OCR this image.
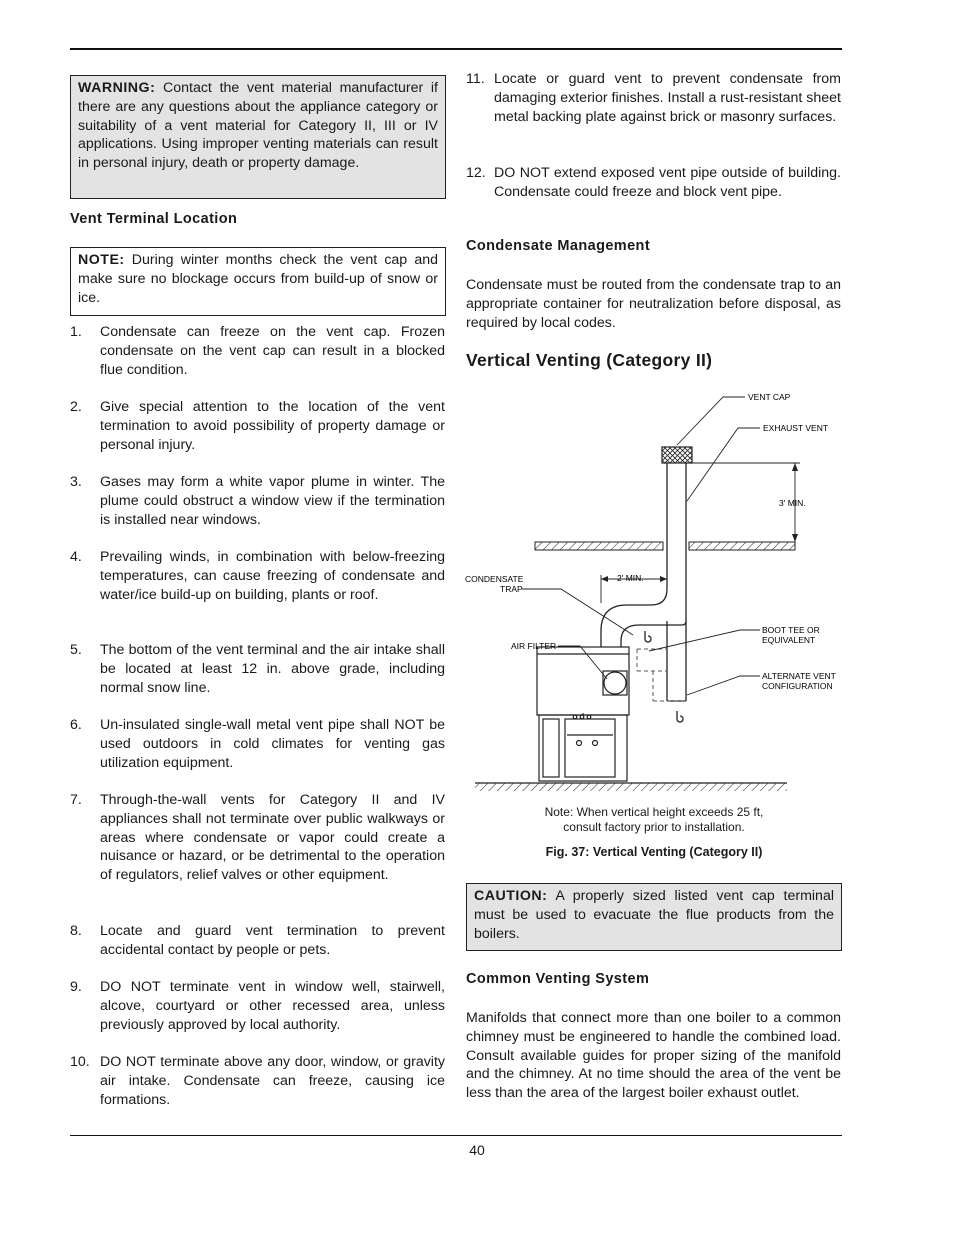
WARNING: Contact the vent material manufacturer if there are any questions about the appliance category or suitability of a vent material for Category II, III or IV applications. Using improper venting materials can result in personal injury, death or property damage.
Vent Terminal Location
NOTE: During winter months check the vent cap and make sure no blockage occurs from build-up of snow or ice.
1. Condensate can freeze on the vent cap. Frozen condensate on the vent cap can result in a blocked flue condition.
2. Give special attention to the location of the vent termination to avoid possibility of property damage or personal injury.
3. Gases may form a white vapor plume in winter. The plume could obstruct a window view if the termination is installed near windows.
4. Prevailing winds, in combination with below-freezing temperatures, can cause freezing of condensate and water/ice build-up on building, plants or roof.
5. The bottom of the vent terminal and the air intake shall be located at least 12 in. above grade, including normal snow line.
6. Un-insulated single-wall metal vent pipe shall NOT be used outdoors in cold climates for venting gas utilization equipment.
7. Through-the-wall vents for Category II and IV appliances shall not terminate over public walkways or areas where condensate or vapor could create a nuisance or hazard, or be detrimental to the operation of regulators, relief valves or other equipment.
8. Locate and guard vent termination to prevent accidental contact by people or pets.
9. DO NOT terminate vent in window well, stairwell, alcove, courtyard or other recessed area, unless previously approved by local authority.
10. DO NOT terminate above any door, window, or gravity air intake. Condensate can freeze, causing ice formations.
11. Locate or guard vent to prevent condensate from damaging exterior finishes. Install a rust-resistant sheet metal backing plate against brick or masonry surfaces.
12. DO NOT extend exposed vent pipe outside of building. Condensate could freeze and block vent pipe.
Condensate Management
Condensate must be routed from the condensate trap to an appropriate container for neutralization before disposal, as required by local codes.
Vertical Venting (Category II)
VENT CAP
EXHAUST VENT
3' MIN.
2' MIN.
CONDENSATE
TRAP
AIR FILTER
BOOT TEE OR
EQUIVALENT
ALTERNATE VENT
CONFIGURATION
Note: When vertical height exceeds 25 ft,
consult factory prior to installation.
Fig. 37: Vertical Venting (Category II)
CAUTION: A properly sized listed vent cap terminal must be used to evacuate the flue products from the boilers.
Common Venting System
Manifolds that connect more than one boiler to a common chimney must be engineered to handle the combined load. Consult available guides for proper sizing of the manifold and the chimney. At no time should the area of the vent be less than the area of the largest boiler exhaust outlet.
40
